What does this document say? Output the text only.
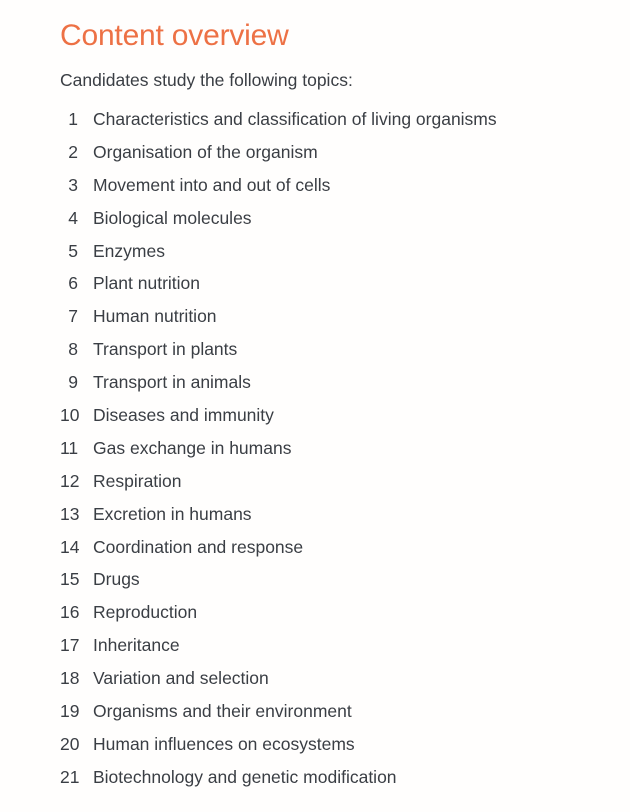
Content overview

Candidates study the following topics:

1 Characteristics and classification of living organisms
2 Organisation of the organism
3 Movement into and out of cells
4 Biological molecules
5 Enzymes
6 Plant nutrition
7 Human nutrition
8 Transport in plants
9 Transport in animals
10 Diseases and immunity
11 Gas exchange in humans
12 Respiration
13 Excretion in humans
14 Coordination and response
15 Drugs
16 Reproduction
17 Inheritance
18 Variation and selection
19 Organisms and their environment
20 Human influences on ecosystems
21 Biotechnology and genetic modification
